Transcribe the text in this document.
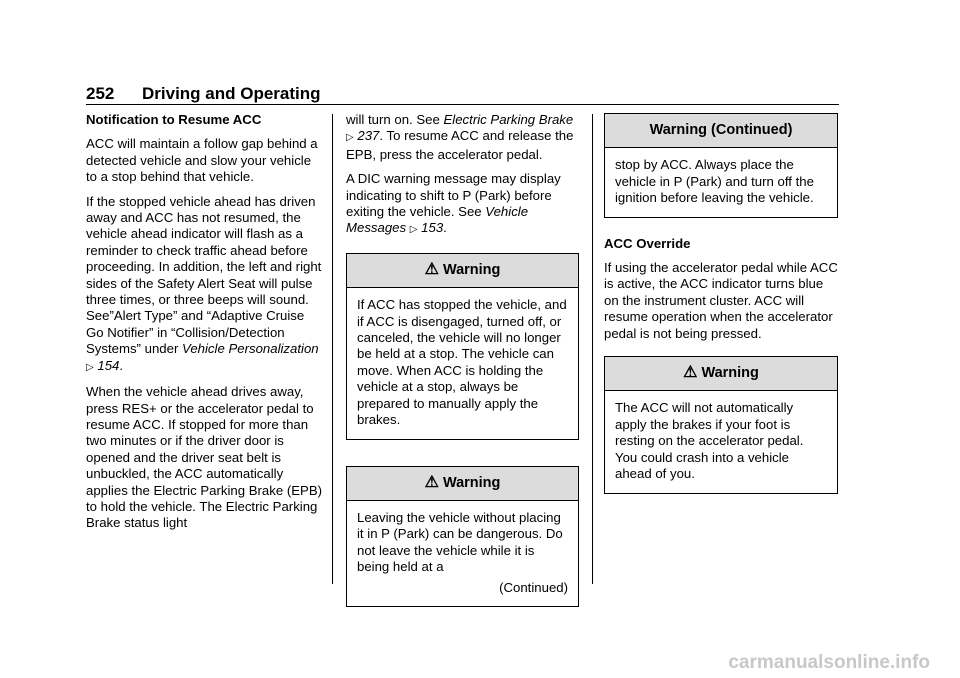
252 Driving and Operating

Notification to Resume ACC

ACC will maintain a follow gap behind a detected vehicle and slow your vehicle to a stop behind that vehicle.

If the stopped vehicle ahead has driven away and ACC has not resumed, the vehicle ahead indicator will flash as a reminder to check traffic ahead before proceeding. In addition, the left and right sides of the Safety Alert Seat will pulse three times, or three beeps will sound. See”Alert Type” and “Adaptive Cruise Go Notifier” in “Collision/Detection Systems” under Vehicle Personalization ▷ 154.

When the vehicle ahead drives away, press RES+ or the accelerator pedal to resume ACC. If stopped for more than two minutes or if the driver door is opened and the driver seat belt is unbuckled, the ACC automatically applies the Electric Parking Brake (EPB) to hold the vehicle. The Electric Parking Brake status light

will turn on. See Electric Parking Brake ▷ 237. To resume ACC and release the EPB, press the accelerator pedal.

A DIC warning message may display indicating to shift to P (Park) before exiting the vehicle. See Vehicle Messages ▷ 153.

⚠ Warning
If ACC has stopped the vehicle, and if ACC is disengaged, turned off, or canceled, the vehicle will no longer be held at a stop. The vehicle can move. When ACC is holding the vehicle at a stop, always be prepared to manually apply the brakes.
⚠ Warning
Leaving the vehicle without placing it in P (Park) can be dangerous. Do not leave the vehicle while it is being held at a
(Continued)
Warning (Continued)
stop by ACC. Always place the vehicle in P (Park) and turn off the ignition before leaving the vehicle.

ACC Override

If using the accelerator pedal while ACC is active, the ACC indicator turns blue on the instrument cluster. ACC will resume operation when the accelerator pedal is not being pressed.

⚠ Warning
The ACC will not automatically apply the brakes if your foot is resting on the accelerator pedal. You could crash into a vehicle ahead of you.
carmanualsonline.info
